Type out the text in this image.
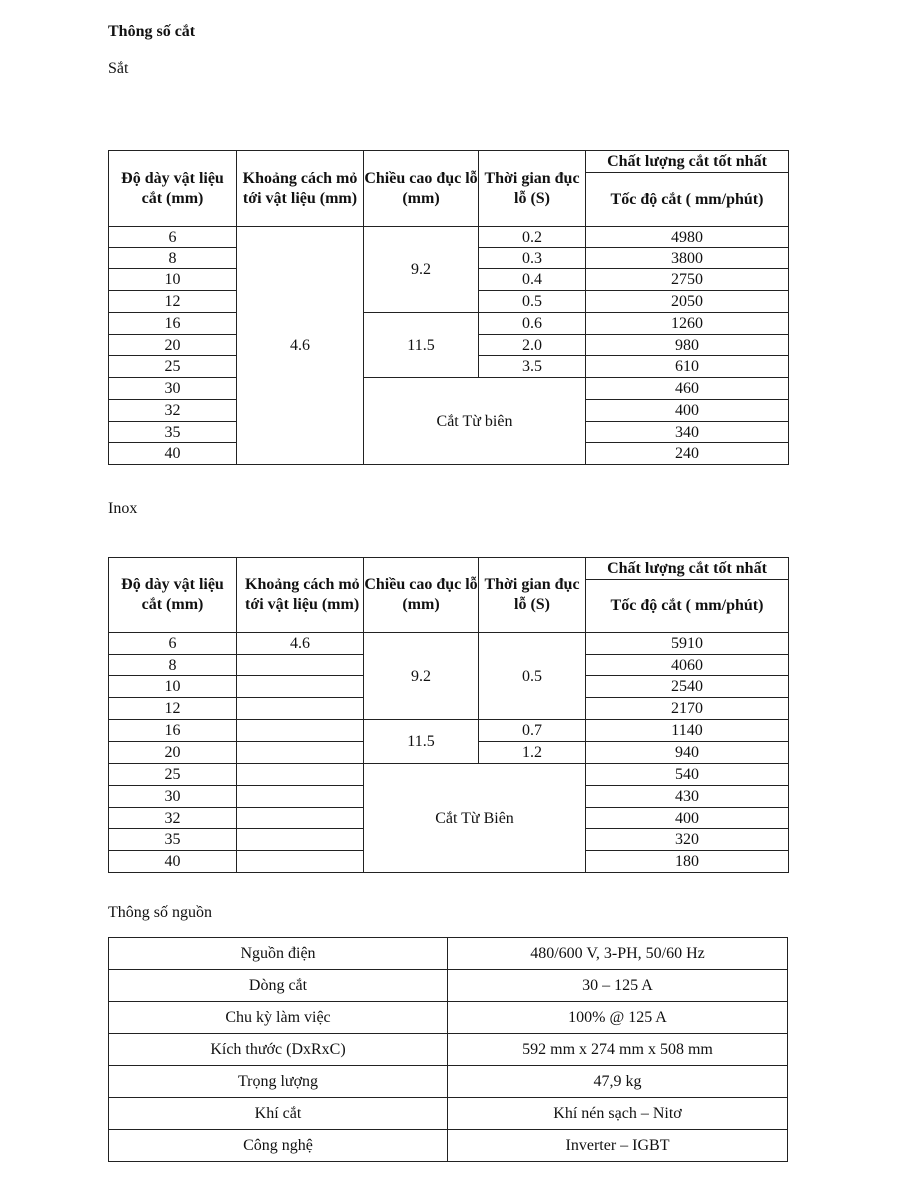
Thông số cắt
Sắt
Độ dày vật liệu cắt (mm)	Khoảng cách mỏ tới vật liệu (mm)	Chiều cao đục lỗ (mm)	Thời gian đục lỗ (S)	Chất lượng cắt tốt nhất
				Tốc độ cắt ( mm/phút)
6	4.6	9.2	0.2	4980
8			0.3	3800
10			0.4	2750
12			0.5	2050
16		11.5	0.6	1260
20			2.0	980
25			3.5	610
30		Cắt Từ biên		460
32				400
35				340
40				240
Inox
Độ dày vật liệu cắt (mm)	Khoảng cách mỏ tới vật liệu (mm)	Chiều cao đục lỗ (mm)	Thời gian đục lỗ (S)	Chất lượng cắt tốt nhất
				Tốc độ cắt ( mm/phút)
6	4.6	9.2	0.5	5910
8				4060
10				2540
12				2170
16		11.5	0.7	1140
20			1.2	940
25		Cắt Từ Biên		540
30				430
32				400
35				320
40				180
Thông số nguồn
Nguồn điện	480/600 V, 3-PH, 50/60 Hz
Dòng cắt	30 – 125 A
Chu kỳ làm việc	100% @ 125 A
Kích thước (DxRxC)	592 mm x 274 mm x 508 mm
Trọng lượng	47,9 kg
Khí cắt	Khí nén sạch – Nitơ
Công nghệ	Inverter – IGBT
